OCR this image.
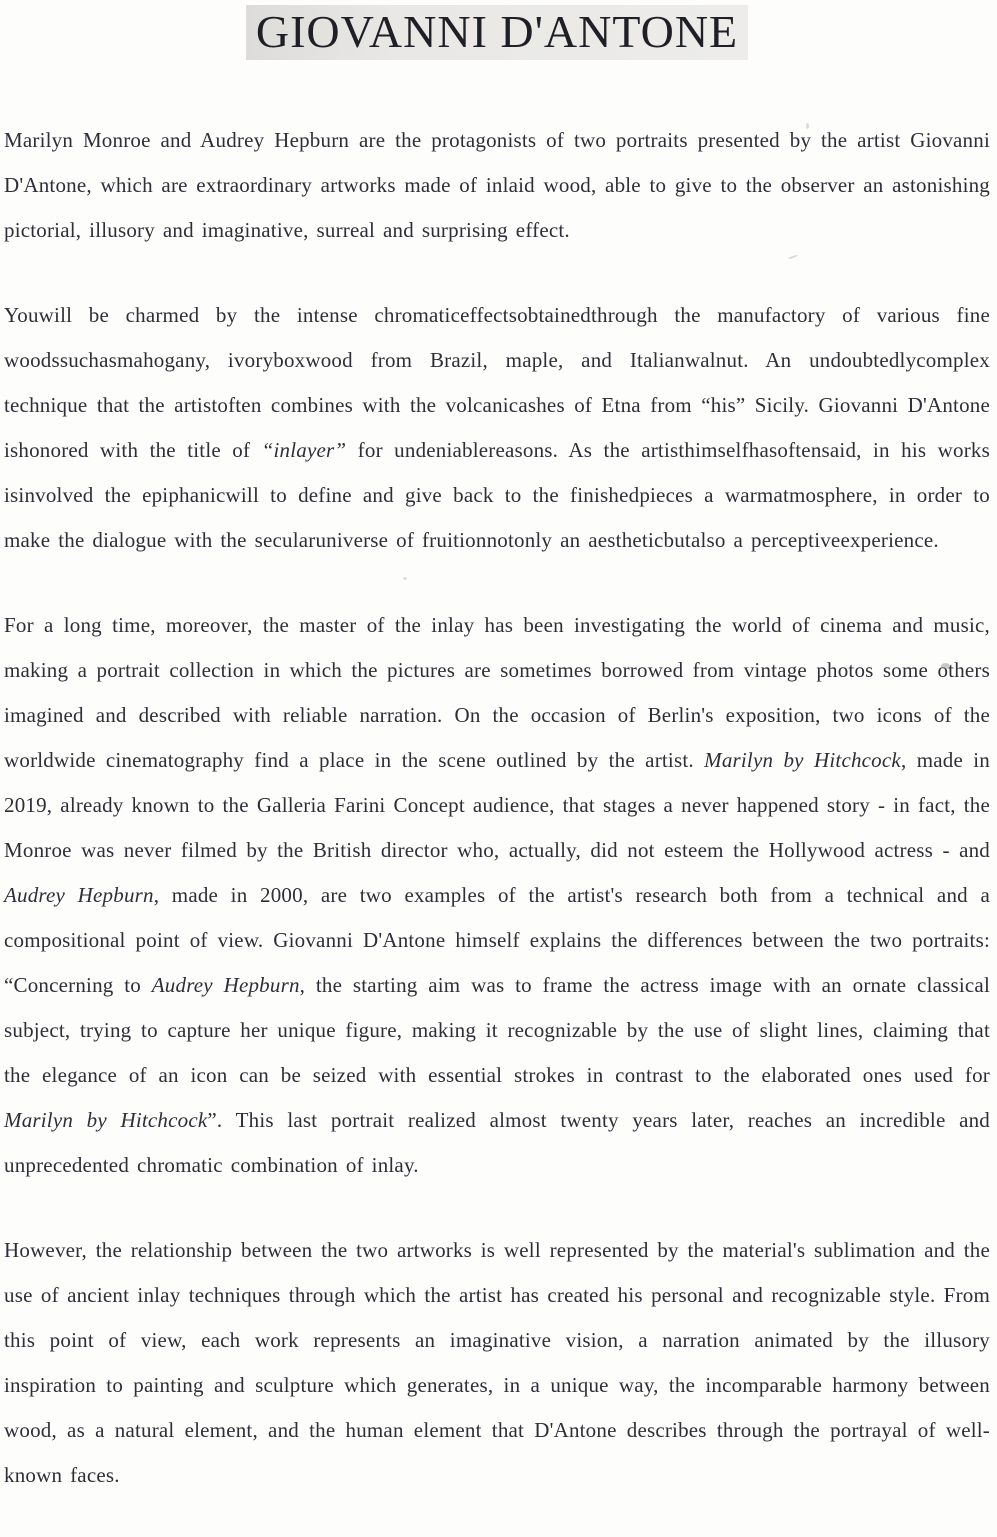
GIOVANNI D'ANTONE

Marilyn Monroe and Audrey Hepburn are the protagonists of two portraits presented by the artist Giovanni D'Antone, which are extraordinary artworks made of inlaid wood, able to give to the observer an astonishing pictorial, illusory and imaginative, surreal and surprising effect.

Youwill be charmed by the intense chromaticeffectsobtainedthrough the manufactory of various fine woodssuchasmahogany, ivoryboxwood from Brazil, maple, and Italianwalnut. An undoubtedlycomplex technique that the artistoften combines with the volcanicashes of Etna from “his” Sicily. Giovanni D'Antone ishonored with the title of “inlayer” for undeniablereasons. As the artisthimselfhasoftensaid, in his works isinvolved the epiphanicwill to define and give back to the finishedpieces a warmatmosphere, in order to make the dialogue with the secularuniverse of fruitionnotonly an aestheticbutalso a perceptiveexperience.

For a long time, moreover, the master of the inlay has been investigating the world of cinema and music, making a portrait collection in which the pictures are sometimes borrowed from vintage photos some others imagined and described with reliable narration. On the occasion of Berlin's exposition, two icons of the worldwide cinematography find a place in the scene outlined by the artist. Marilyn by Hitchcock, made in 2019, already known to the Galleria Farini Concept audience, that stages a never happened story - in fact, the Monroe was never filmed by the British director who, actually, did not esteem the Hollywood actress - and Audrey Hepburn, made in 2000, are two examples of the artist's research both from a technical and a compositional point of view. Giovanni D'Antone himself explains the differences between the two portraits: “Concerning to Audrey Hepburn, the starting aim was to frame the actress image with an ornate classical subject, trying to capture her unique figure, making it recognizable by the use of slight lines, claiming that the elegance of an icon can be seized with essential strokes in contrast to the elaborated ones used for Marilyn by Hitchcock”. This last portrait realized almost twenty years later, reaches an incredible and unprecedented chromatic combination of inlay.

However, the relationship between the two artworks is well represented by the material's sublimation and the use of ancient inlay techniques through which the artist has created his personal and recognizable style. From this point of view, each work represents an imaginative vision, a narration animated by the illusory inspiration to painting and sculpture which generates, in a unique way, the incomparable harmony between wood, as a natural element, and the human element that D'Antone describes through the portrayal of well-known faces.
